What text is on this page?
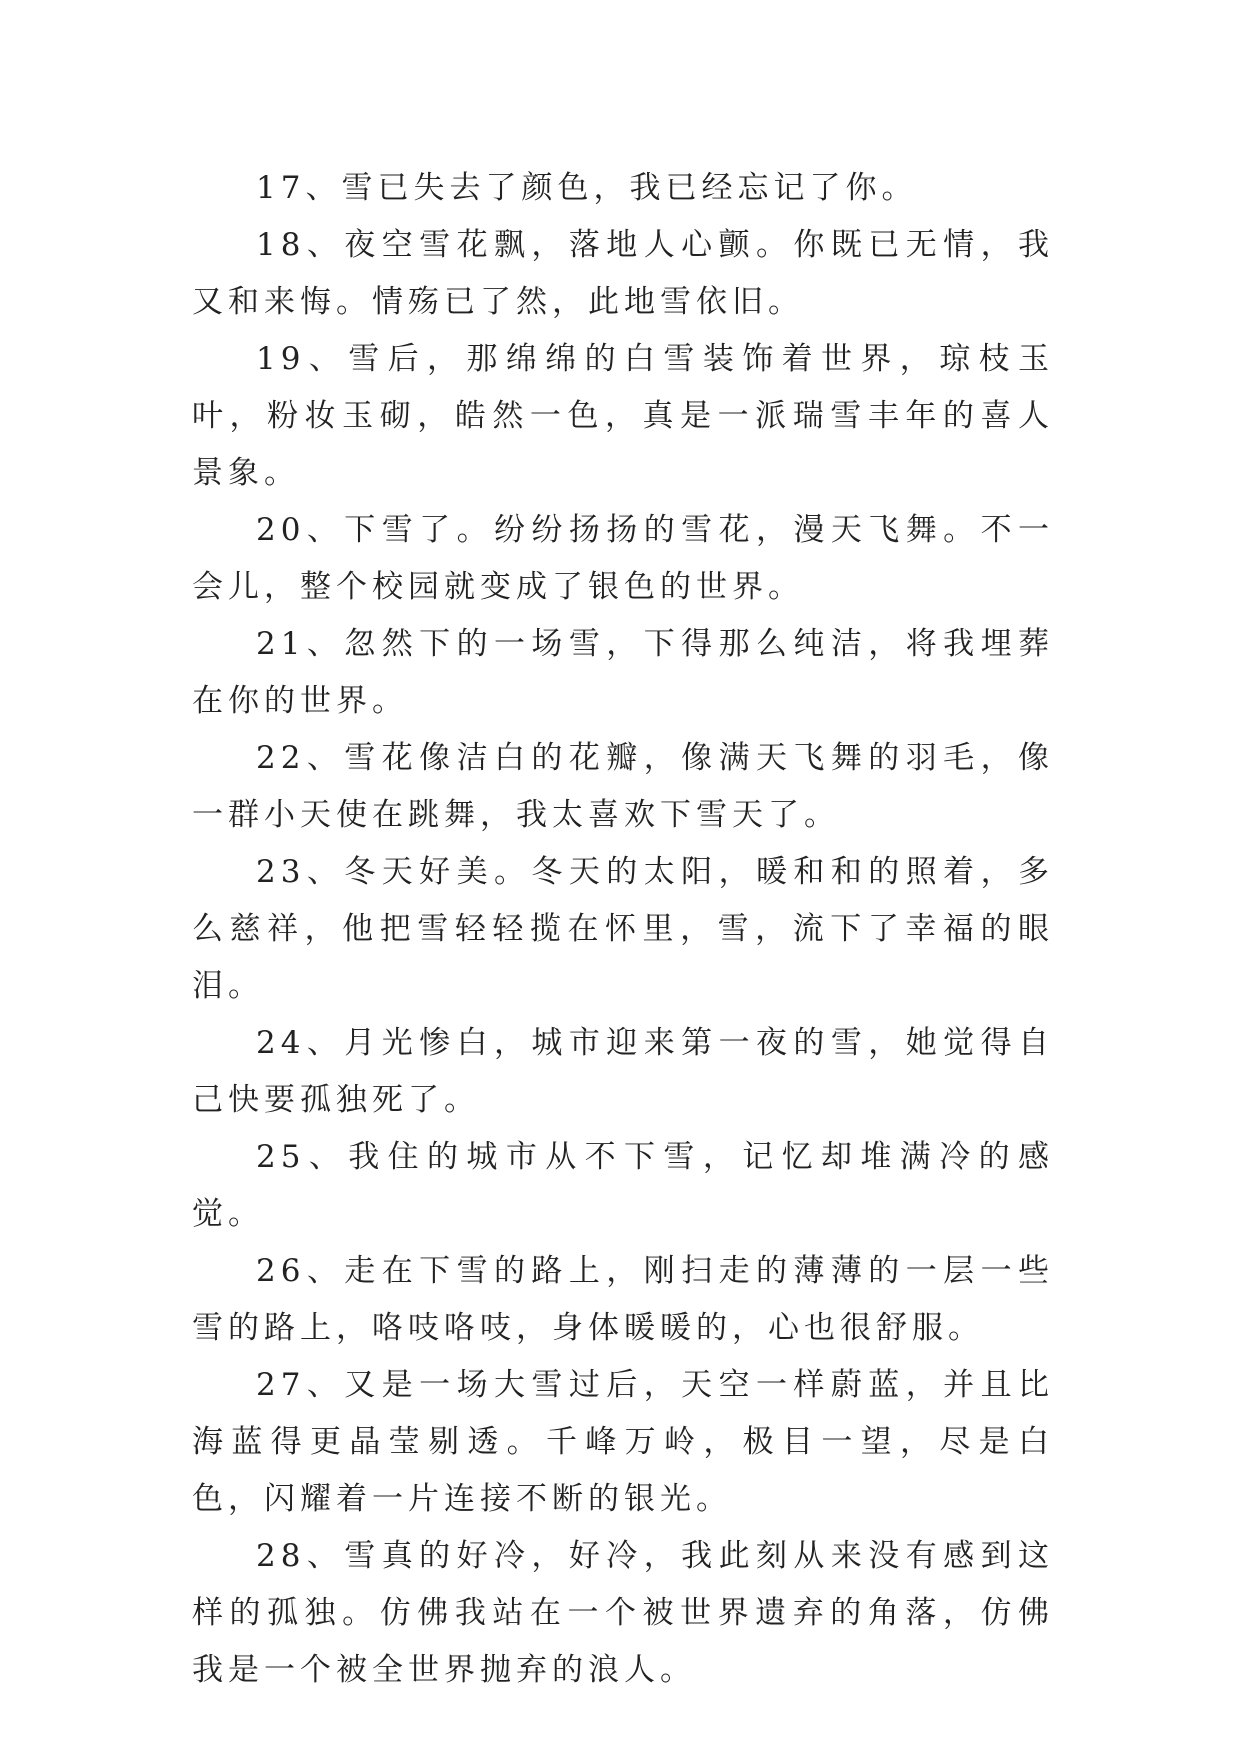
17、雪已失去了颜色，我已经忘记了你。

18、夜空雪花飘，落地人心颤。你既已无情，我又和来悔。情殇已了然，此地雪依旧。

19、雪后，那绵绵的白雪装饰着世界，琼枝玉叶，粉妆玉砌，皓然一色，真是一派瑞雪丰年的喜人景象。

20、下雪了。纷纷扬扬的雪花，漫天飞舞。不一会儿，整个校园就变成了银色的世界。

21、忽然下的一场雪，下得那么纯洁，将我埋葬在你的世界。

22、雪花像洁白的花瓣，像满天飞舞的羽毛，像一群小天使在跳舞，我太喜欢下雪天了。

23、冬天好美。冬天的太阳，暖和和的照着，多么慈祥，他把雪轻轻揽在怀里，雪，流下了幸福的眼泪。

24、月光惨白，城市迎来第一夜的雪，她觉得自己快要孤独死了。

25、我住的城市从不下雪，记忆却堆满冷的感觉。

26、走在下雪的路上，刚扫走的薄薄的一层一些雪的路上，咯吱咯吱，身体暖暖的，心也很舒服。

27、又是一场大雪过后，天空一样蔚蓝，并且比海蓝得更晶莹剔透。千峰万岭，极目一望，尽是白色，闪耀着一片连接不断的银光。

28、雪真的好冷，好冷，我此刻从来没有感到这样的孤独。仿佛我站在一个被世界遗弃的角落，仿佛我是一个被全世界抛弃的浪人。
